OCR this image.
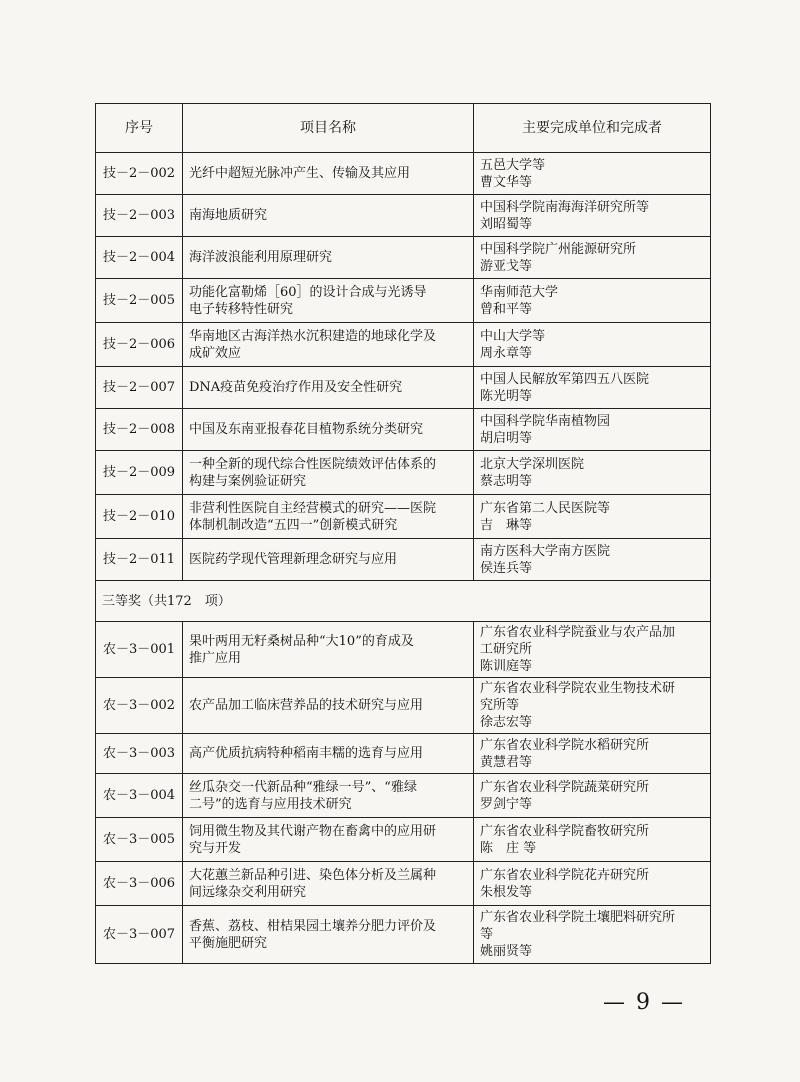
序号	项目名称	主要完成单位和完成者
技－2－002	光纤中超短光脉冲产生、传输及其应用	五邑大学等
曹文华等

技－2－003	南海地质研究	中国科学院南海海洋研究所等
刘昭蜀等

技－2－004	海洋波浪能利用原理研究	中国科学院广州能源研究所
游亚戈等

技－2－005	功能化富勒烯［60］的设计合成与光诱导
电子转移特性研究	华南师范大学
曾和平等

技－2－006	华南地区古海洋热水沉积建造的地球化学及
成矿效应	中山大学等
周永章等

技－2－007	DNA疫苗免疫治疗作用及安全性研究	中国人民解放军第四五八医院
陈光明等

技－2－008	中国及东南亚报春花目植物系统分类研究	中国科学院华南植物园
胡启明等

技－2－009	一种全新的现代综合性医院绩效评估体系的
构建与案例验证研究	北京大学深圳医院
蔡志明等

技－2－010	非营利性医院自主经营模式的研究——医院
体制机制改造“五四一”创新模式研究	广东省第二人民医院等
吉　琳等

技－2－011	医院药学现代管理新理念研究与应用	南方医科大学南方医院
侯连兵等

三等奖（共172　项）		
农－3－001	果叶两用无籽桑树品种“大10”的育成及
推广应用	广东省农业科学院蚕业与农产品加
工研究所
陈训庭等

农－3－002	农产品加工临床营养品的技术研究与应用	广东省农业科学院农业生物技术研
究所等
徐志宏等

农－3－003	高产优质抗病特种稻南丰糯的选育与应用	广东省农业科学院水稻研究所
黄慧君等

农－3－004	丝瓜杂交一代新品种“雅绿一号”、“雅绿
二号”的选育与应用技术研究	广东省农业科学院蔬菜研究所
罗剑宁等

农－3－005	饲用微生物及其代谢产物在畜禽中的应用研
究与开发	广东省农业科学院畜牧研究所
陈　庄 等

农－3－006	大花蕙兰新品种引进、染色体分析及兰属种
间远缘杂交利用研究	广东省农业科学院花卉研究所
朱根发等

农－3－007	香蕉、荔枝、柑桔果园土壤养分肥力评价及
平衡施肥研究	广东省农业科学院土壤肥料研究所
等
姚丽贤等
— 9 —
